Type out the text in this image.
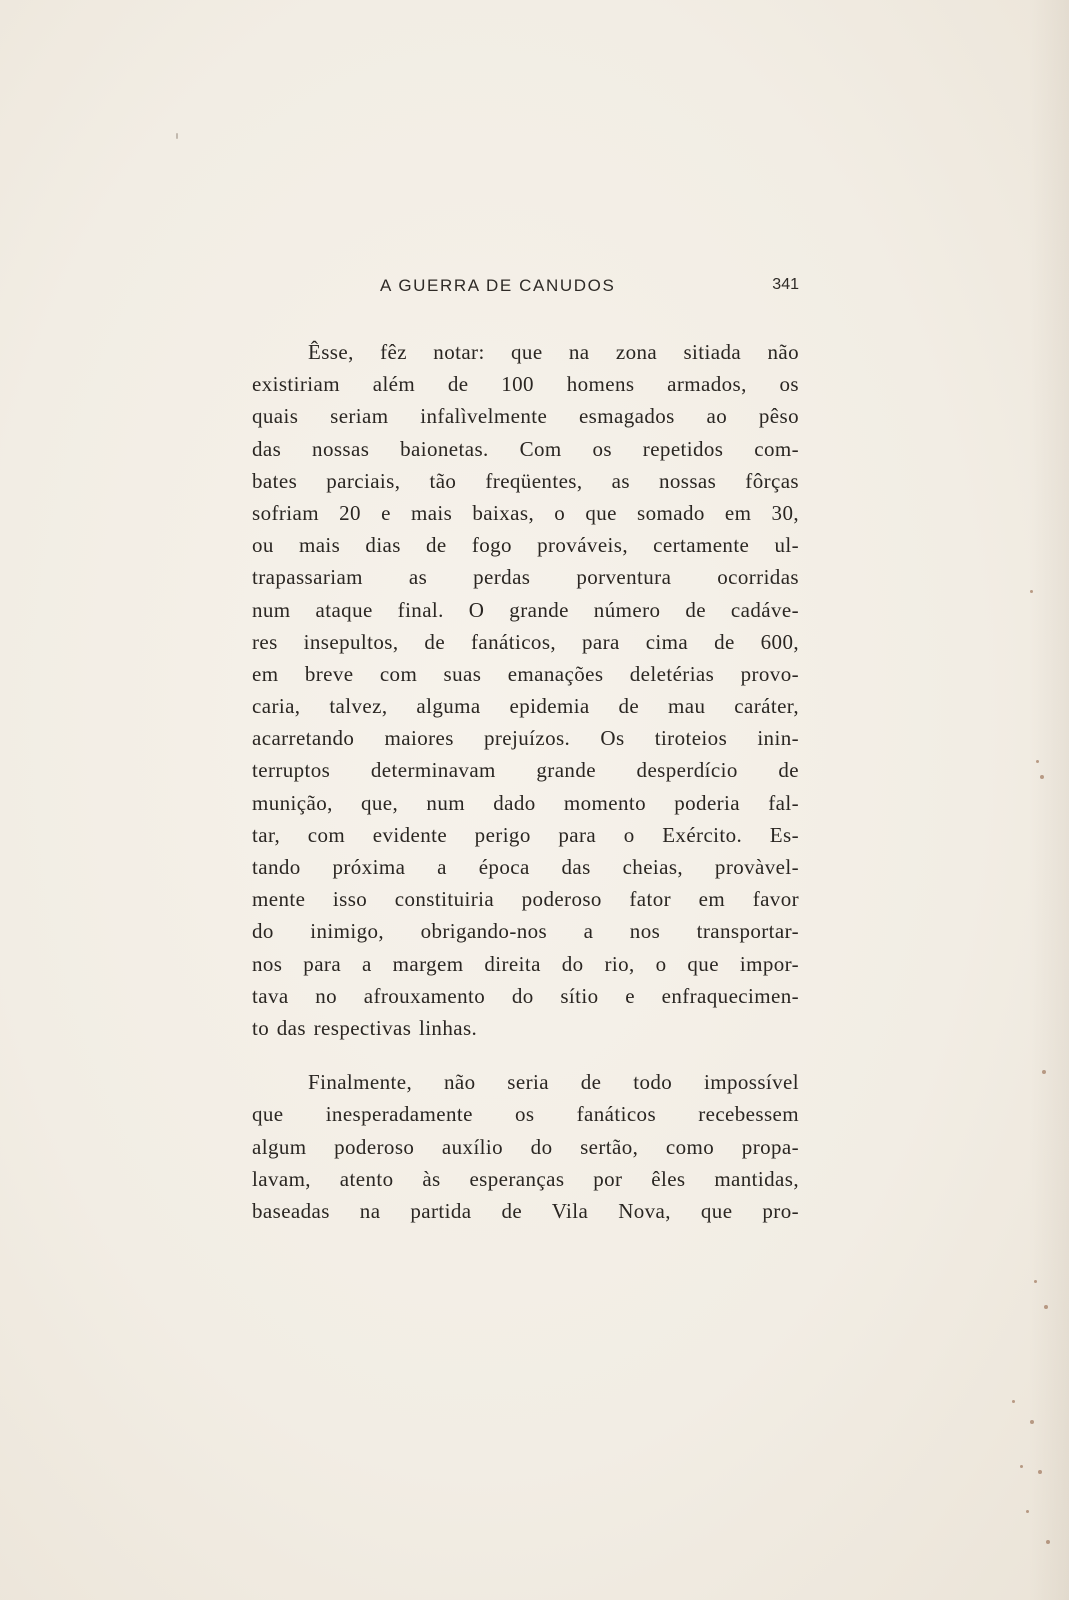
A GUERRA DE CANUDOS	341
Êsse, fêz notar: que na zona sitiada não
existiriam além de 100 homens armados, os
quais seriam infalìvelmente esmagados ao pêso
das nossas baionetas. Com os repetidos com-
bates parciais, tão freqüentes, as nossas fôrças
sofriam 20 e mais baixas, o que somado em 30,
ou mais dias de fogo prováveis, certamente ul-
trapassariam as perdas porventura ocorridas
num ataque final. O grande número de cadáve-
res insepultos, de fanáticos, para cima de 600,
em breve com suas emanações deletérias provo-
caria, talvez, alguma epidemia de mau caráter,
acarretando maiores prejuízos. Os tiroteios inin-
terruptos determinavam grande desperdício de
munição, que, num dado momento poderia fal-
tar, com evidente perigo para o Exército. Es-
tando próxima a época das cheias, provàvel-
mente isso constituiria poderoso fator em favor
do inimigo, obrigando-nos a nos transportar-
nos para a margem direita do rio, o que impor-
tava no afrouxamento do sítio e enfraquecimen-
to das respectivas linhas.
Finalmente, não seria de todo impossível
que inesperadamente os fanáticos recebessem
algum poderoso auxílio do sertão, como propa-
lavam, atento às esperanças por êles mantidas,
baseadas na partida de Vila Nova, que pro-
